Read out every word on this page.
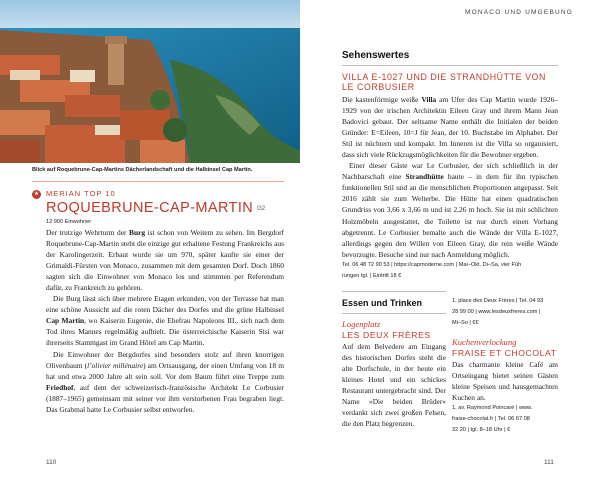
Blick auf Roquebrune-Cap-Martins Dächerlandschaft und die Halbinsel Cap Martin.
★ MERIAN TOP 10
ROQUEBRUNE-CAP-MARTIN G2

12 900 Einwohner

Der trutzige Wehrturm der Burg ist schon von Weitem zu sehen. Im Bergdorf Roquebrune-Cap-Martin steht die einzige gut erhaltene Festung Frankreichs aus der Karolingerzeit. Erbaut wurde sie um 970, später kaufte sie einer der Grimaldi-Fürsten von Monaco, zusammen mit dem gesamten Dorf. Doch 1860 sagten sich die Einwohner von Monaco los und stimmten per Referendum dafür, zu Frankreich zu gehören.

Die Burg lässt sich über mehrere Etagen erkunden, von der Terrasse hat man eine schöne Aussicht auf die roten Dächer des Dorfes und die grüne Halbinsel Cap Martin, wo Kaiserin Eugenie, die Ehefrau Napoleons III., sich nach dem Tod ihres Mannes regelmäßig aufhielt. Die österreichische Kaiserin Sisi war ihrerseits Stammgast im Grand Hôtel am Cap Martin.

Die Einwohner der Bergdorfes sind besonders stolz auf ihren knorrigen Olivenbaum (l’olivier millénaire) am Ortsausgang, der einen Umfang von 18 m hat und etwa 2000 Jahre alt sein soll. Vor dem Baum führt eine Treppe zum Friedhof, auf dem der schweizerisch-französische Architekt Le Corbusier (1887–1965) gemeinsam mit seiner vor ihm verstorbenen Frau begraben liegt. Das Grabmal hatte Le Corbusier selbst entworfen.

110
MONACO UND UMGEBUNG
Sehenswertes
VILLA E-1027 UND DIE STRANDHÜTTE VON
LE CORBUSIER

Die kastenförmige weiße Villa am Ufer des Cap Martin wurde 1926–1929 von der irischen Architektin Eileen Gray und ihrem Mann Jean Badovici gebaut. Der seltsame Name enthält die Initialen der beiden Gründer: E=Eileen, 10=J für Jean, der 10. Buchstabe im Alphabet. Der Stil ist nüchtern und kompakt. Im Inneren ist die Villa so organisiert, dass sich viele Rückzugsmöglichkeiten für die Bewohner ergeben.

Einer dieser Gäste war Le Corbusier, der sich schließlich in der Nachbarschaft eine Strandhütte baute – in dem für ihn typischen funktionellen Stil und an die menschlichen Proportionen angepasst. Seit 2016 zählt sie zum Welterbe. Die Hütte hat einen quadratischen Grundriss von 3,66 x 3,66 m und ist 2,26 m hoch. Sie ist mit schlichten Holzmöbeln ausgestattet, die Toilette ist nur durch einen Vorhang abgetrennt. Le Corbusier bemalte auch die Wände der Villa E-1027, allerdings gegen den Willen von Eileen Gray, die rein weiße Wände bevorzugte. Besuche sind nur nach Anmeldung möglich.

Tel. 06 48 72 90 53 | https://capmoderne.com | Mai–Okt. Di–Sa, vier Füh
rungen tgl. | Eintritt 18 €

Essen und Trinken
Logenplatz
LES DEUX FRÈRES
Auf dem Belvedere am Eingang des historischen Dorfes steht die alte Dorfschule, in der heute ein kleines Hotel und ein schickes Restaurant untergebracht sind. Der Name »Die beiden Brüder« verdankt sich zwei großen Felsen, die den Platz begrenzen.
1, place des Deux Frères | Tel. 04 93
28 99 00 | www.lesdeuxfreres.com |
Mi–So | €€
Kuchenverlockung
FRAISE ET CHOCOLAT
Das charmante kleine Café am Ortseingang bietet seinen Gästen kleine Speisen und hausgemachten Kuchen an.
1, av. Raymond Poincaré | www.
fraise-chocolat.fr | Tel. 06 67 08
32 20 | tgl. 8–18 Uhr | €
111
